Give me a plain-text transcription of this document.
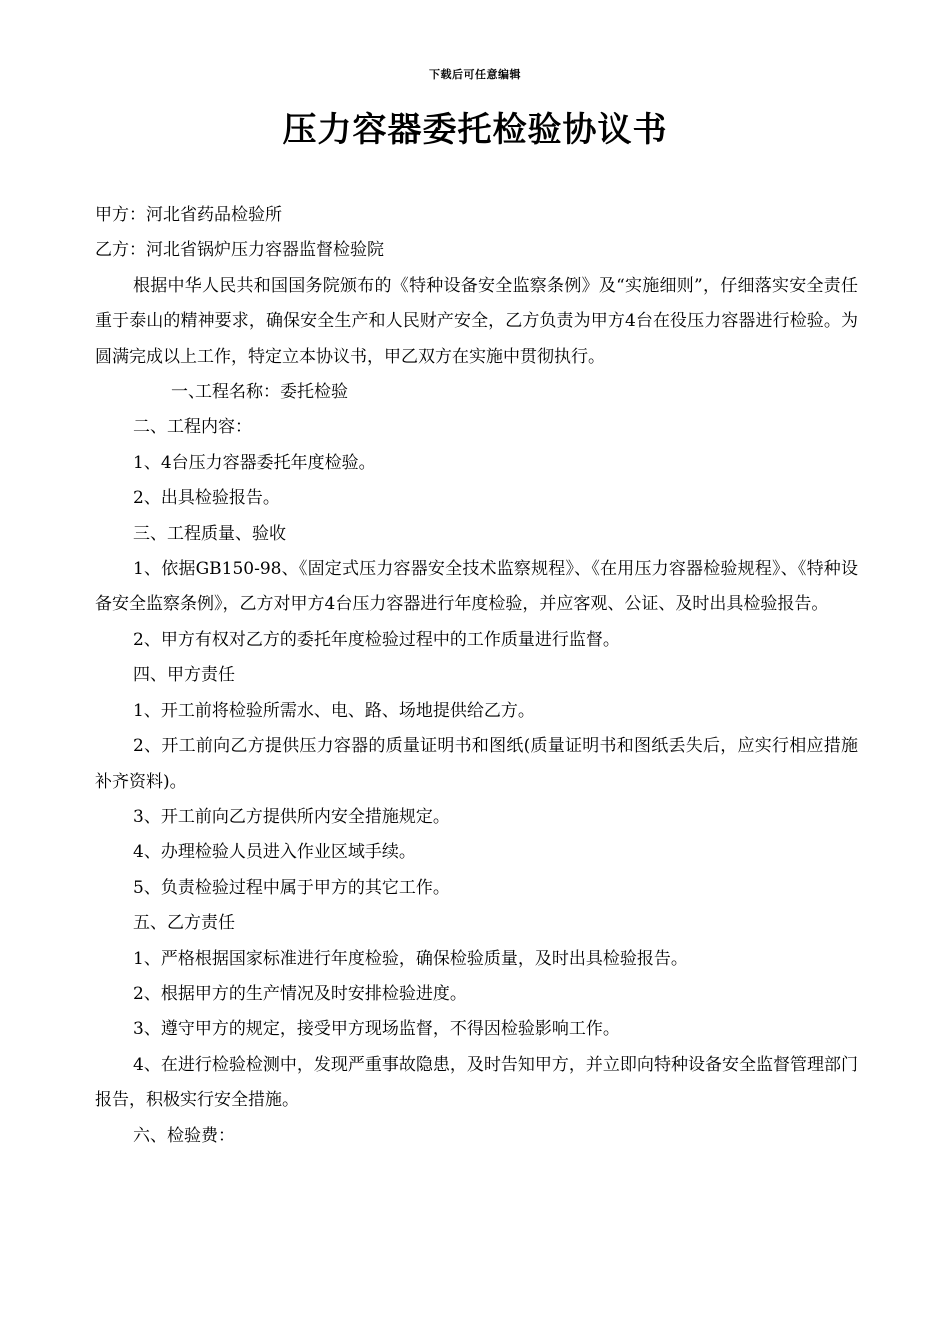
下载后可任意编辑
压力容器委托检验协议书

甲方：河北省药品检验所

乙方：河北省锅炉压力容器监督检验院

根据中华人民共和国国务院颁布的《特种设备安全监察条例》及“实施细则”，仔细落实安全责任重于泰山的精神要求，确保安全生产和人民财产安全，乙方负责为甲方4台在役压力容器进行检验。为圆满完成以上工作，特定立本协议书，甲乙双方在实施中贯彻执行。

一、工程名称：委托检验

二、工程内容：

1、4台压力容器委托年度检验。

2、出具检验报告。

三、工程质量、验收

1、依据GB150-98、《固定式压力容器安全技术监察规程》、《在用压力容器检验规程》、《特种设备安全监察条例》，乙方对甲方4台压力容器进行年度检验，并应客观、公证、及时出具检验报告。

2、甲方有权对乙方的委托年度检验过程中的工作质量进行监督。

四、甲方责任

1、开工前将检验所需水、电、路、场地提供给乙方。

2、开工前向乙方提供压力容器的质量证明书和图纸(质量证明书和图纸丢失后，应实行相应措施补齐资料)。

3、开工前向乙方提供所内安全措施规定。

4、办理检验人员进入作业区域手续。

5、负责检验过程中属于甲方的其它工作。

五、乙方责任

1、严格根据国家标准进行年度检验，确保检验质量，及时出具检验报告。

2、根据甲方的生产情况及时安排检验进度。

3、遵守甲方的规定，接受甲方现场监督，不得因检验影响工作。

4、在进行检验检测中，发现严重事故隐患，及时告知甲方，并立即向特种设备安全监督管理部门报告，积极实行安全措施。

六、检验费：
